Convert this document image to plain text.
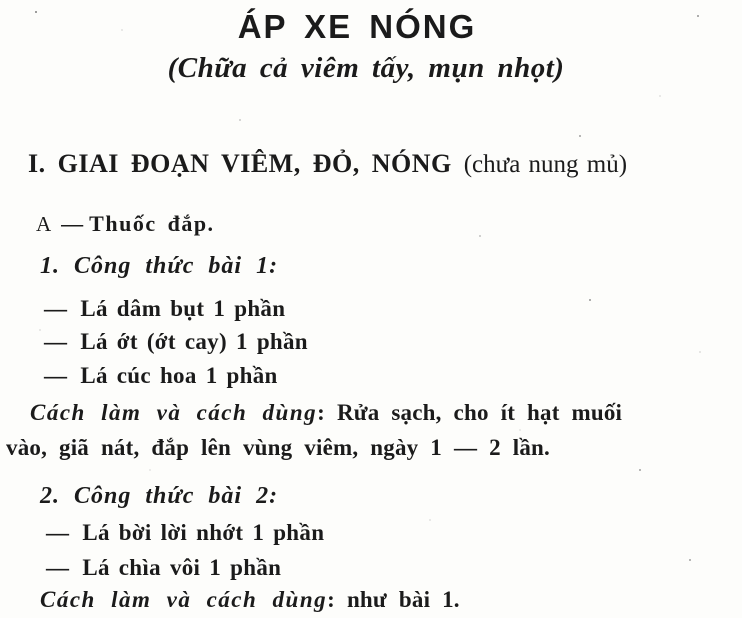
ÁP XE NÓNG
(Chữa cả viêm tấy, mụn nhọt)
I. GIAI ĐOẠN VIÊM, ĐỎ, NÓNG (chưa nung mủ)
A — Thuốc đắp.
1. Công thức bài 1:
— Lá dâm bụt 1 phần
— Lá ớt (ớt cay) 1 phần
— Lá cúc hoa 1 phần
Cách làm và cách dùng: Rửa sạch, cho ít hạt muối
vào, giã nát, đắp lên vùng viêm, ngày 1 — 2 lần.
2. Công thức bài 2:
— Lá bời lời nhớt 1 phần
— Lá chìa vôi 1 phần
Cách làm và cách dùng: như bài 1.
